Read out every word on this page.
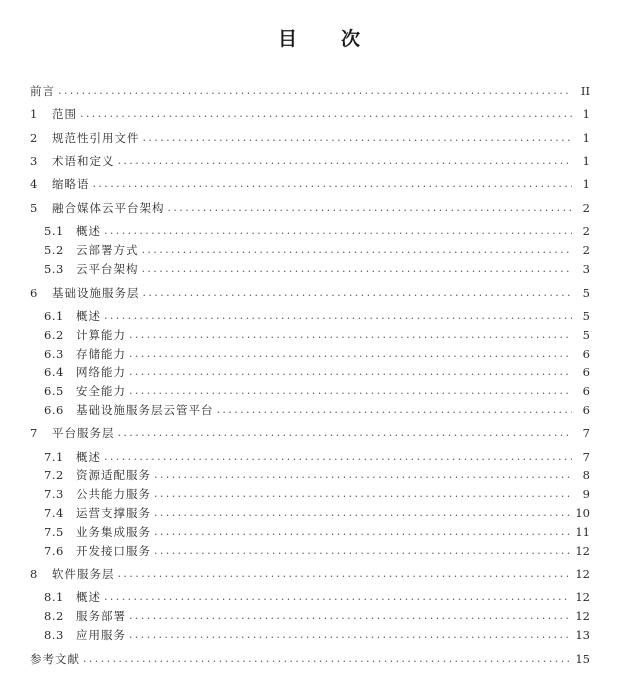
目 次
前言 .....	II
1	范围 .....	1
2	规范性引用文件 .....	1
3	术语和定义 .....	1
4	缩略语 .....	1
5	融合媒体云平台架构 .....	2
5.1	概述 .....	2
5.2	云部署方式 .....	2
5.3	云平台架构 .....	3
6	基础设施服务层 .....	5
6.1	概述 .....	5
6.2	计算能力 .....	5
6.3	存储能力 .....	6
6.4	网络能力 .....	6
6.5	安全能力 .....	6
6.6	基础设施服务层云管平台 .....	6
7	平台服务层 .....	7
7.1	概述 .....	7
7.2	资源适配服务 .....	8
7.3	公共能力服务 .....	9
7.4	运营支撑服务 .....	10
7.5	业务集成服务 .....	11
7.6	开发接口服务 .....	12
8	软件服务层 .....	12
8.1	概述 .....	12
8.2	服务部署 .....	12
8.3	应用服务 .....	13
参考文献 .....	15
